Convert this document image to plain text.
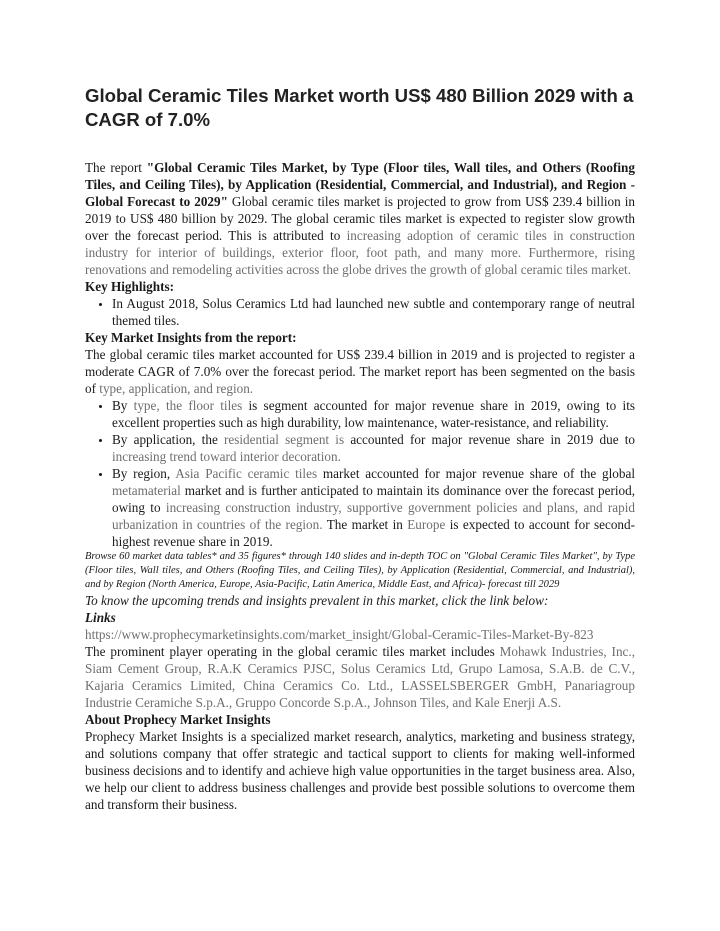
Global Ceramic Tiles Market worth US$ 480 Billion 2029 with a CAGR of 7.0%

The report "Global Ceramic Tiles Market, by Type (Floor tiles, Wall tiles, and Others (Roofing Tiles, and Ceiling Tiles), by Application (Residential, Commercial, and Industrial), and Region - Global Forecast to 2029" Global ceramic tiles market is projected to grow from US$ 239.4 billion in 2019 to US$ 480 billion by 2029. The global ceramic tiles market is expected to register slow growth over the forecast period. This is attributed to increasing adoption of ceramic tiles in construction industry for interior of buildings, exterior floor, foot path, and many more. Furthermore, rising renovations and remodeling activities across the globe drives the growth of global ceramic tiles market.

Key Highlights:

• In August 2018, Solus Ceramics Ltd had launched new subtle and contemporary range of neutral themed tiles.

Key Market Insights from the report:

The global ceramic tiles market accounted for US$ 239.4 billion in 2019 and is projected to register a moderate CAGR of 7.0% over the forecast period. The market report has been segmented on the basis of type, application, and region.

• By type, the floor tiles is segment accounted for major revenue share in 2019, owing to its excellent properties such as high durability, low maintenance, water-resistance, and reliability.
• By application, the residential segment is accounted for major revenue share in 2019 due to increasing trend toward interior decoration.
• By region, Asia Pacific ceramic tiles market accounted for major revenue share of the global metamaterial market and is further anticipated to maintain its dominance over the forecast period, owing to increasing construction industry, supportive government policies and plans, and rapid urbanization in countries of the region. The market in Europe is expected to account for second-highest revenue share in 2019.

Browse 60 market data tables* and 35 figures* through 140 slides and in-depth TOC on "Global Ceramic Tiles Market", by Type (Floor tiles, Wall tiles, and Others (Roofing Tiles, and Ceiling Tiles), by Application (Residential, Commercial, and Industrial), and by Region (North America, Europe, Asia-Pacific, Latin America, Middle East, and Africa)- forecast till 2029

To know the upcoming trends and insights prevalent in this market, click the link below:

Links

https://www.prophecymarketinsights.com/market_insight/Global-Ceramic-Tiles-Market-By-823

The prominent player operating in the global ceramic tiles market includes Mohawk Industries, Inc., Siam Cement Group, R.A.K Ceramics PJSC, Solus Ceramics Ltd, Grupo Lamosa, S.A.B. de C.V., Kajaria Ceramics Limited, China Ceramics Co. Ltd., LASSELSBERGER GmbH, Panariagroup Industrie Ceramiche S.p.A., Gruppo Concorde S.p.A., Johnson Tiles, and Kale Enerji A.S.

About Prophecy Market Insights

Prophecy Market Insights is a specialized market research, analytics, marketing and business strategy, and solutions company that offer strategic and tactical support to clients for making well-informed business decisions and to identify and achieve high value opportunities in the target business area. Also, we help our client to address business challenges and provide best possible solutions to overcome them and transform their business.
